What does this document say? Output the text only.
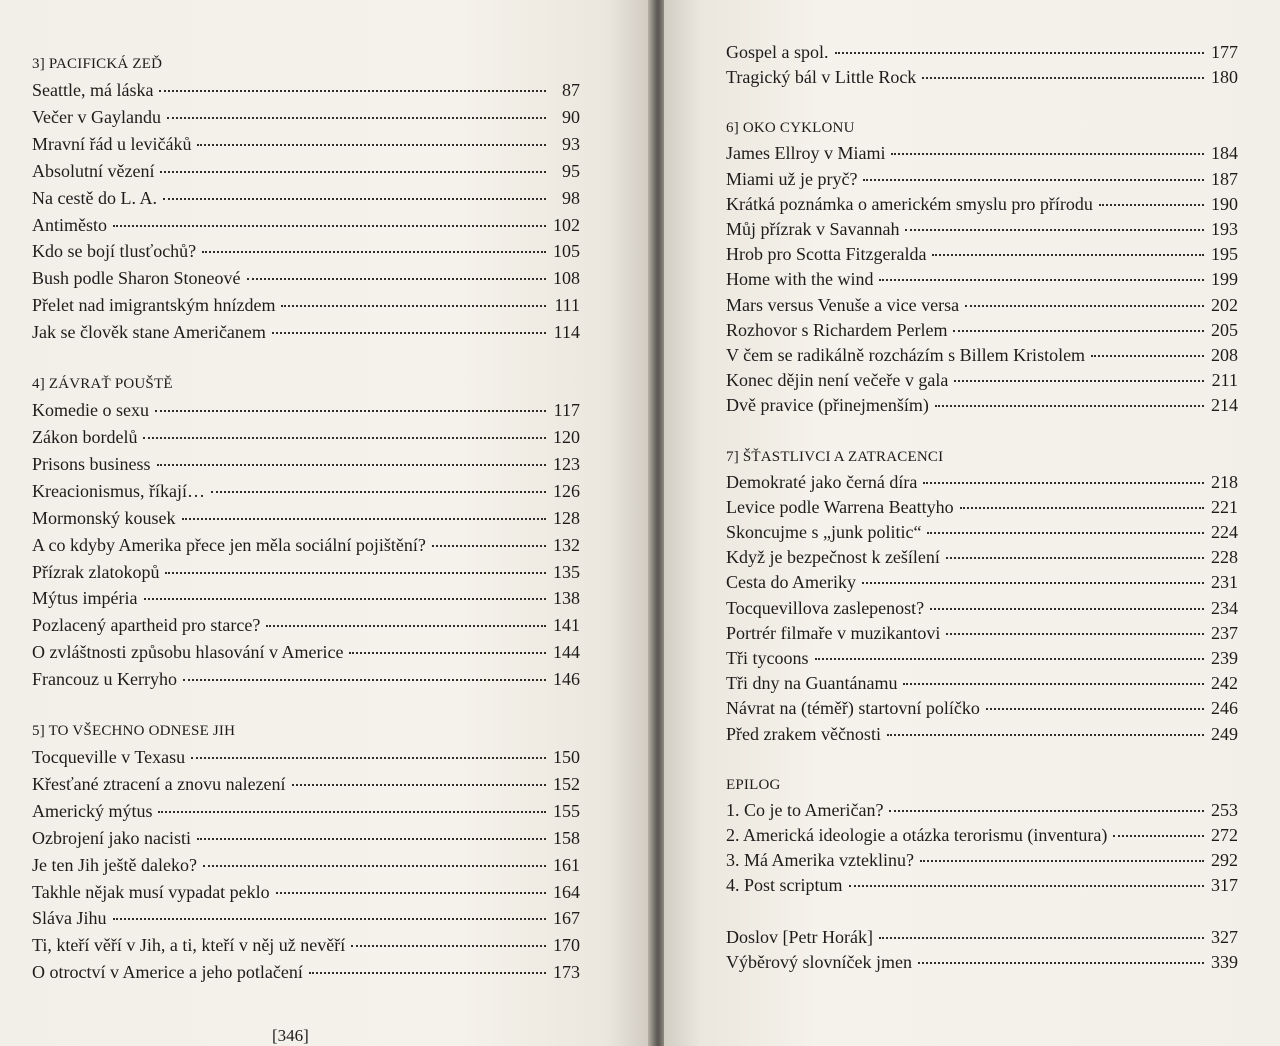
3] PACIFICKÁ ZEĎ
Seattle, má láska	87
Večer v Gaylandu	90
Mravní řád u levičáků	93
Absolutní vězení	95
Na cestě do L. A.	98
Antiměsto	102
Kdo se bojí tlusťochů?	105
Bush podle Sharon Stoneové	108
Přelet nad imigrantským hnízdem	111
Jak se člověk stane Američanem	114
4] ZÁVRAŤ POUŠTĚ
Komedie o sexu	117
Zákon bordelů	120
Prisons business	123
Kreacionismus, říkají…	126
Mormonský kousek	128
A co kdyby Amerika přece jen měla sociální pojištění?	132
Přízrak zlatokopů	135
Mýtus impéria	138
Pozlacený apartheid pro starce?	141
O zvláštnosti způsobu hlasování v Americe	144
Francouz u Kerryho	146
5] TO VŠECHNO ODNESE JIH
Tocqueville v Texasu	150
Křesťané ztracení a znovu nalezení	152
Americký mýtus	155
Ozbrojení jako nacisti	158
Je ten Jih ještě daleko?	161
Takhle nějak musí vypadat peklo	164
Sláva Jihu	167
Ti, kteří věří v Jih, a ti, kteří v něj už nevěří	170
O otroctví v Americe a jeho potlačení	173
[346]
Gospel a spol.	177
Tragický bál v Little Rock	180
6] OKO CYKLONU
James Ellroy v Miami	184
Miami už je pryč?	187
Krátká poznámka o americkém smyslu pro přírodu	190
Můj přízrak v Savannah	193
Hrob pro Scotta Fitzgeralda	195
Home with the wind	199
Mars versus Venuše a vice versa	202
Rozhovor s Richardem Perlem	205
V čem se radikálně rozcházím s Billem Kristolem	208
Konec dějin není večeře v gala	211
Dvě pravice (přinejmenším)	214
7] ŠŤASTLIVCI A ZATRACENCI
Demokraté jako černá díra	218
Levice podle Warrena Beattyho	221
Skoncujme s „junk politic“	224
Když je bezpečnost k zešílení	228
Cesta do Ameriky	231
Tocquevillova zaslepenost?	234
Portrér filmaře v muzikantovi	237
Tři tycoons	239
Tři dny na Guantánamu	242
Návrat na (téměř) startovní políčko	246
Před zrakem věčnosti	249
EPILOG
1. Co je to Američan?	253
2. Americká ideologie a otázka terorismu (inventura)	272
3. Má Amerika vzteklinu?	292
4. Post scriptum	317
Doslov [Petr Horák]	327
Výběrový slovníček jmen	339
